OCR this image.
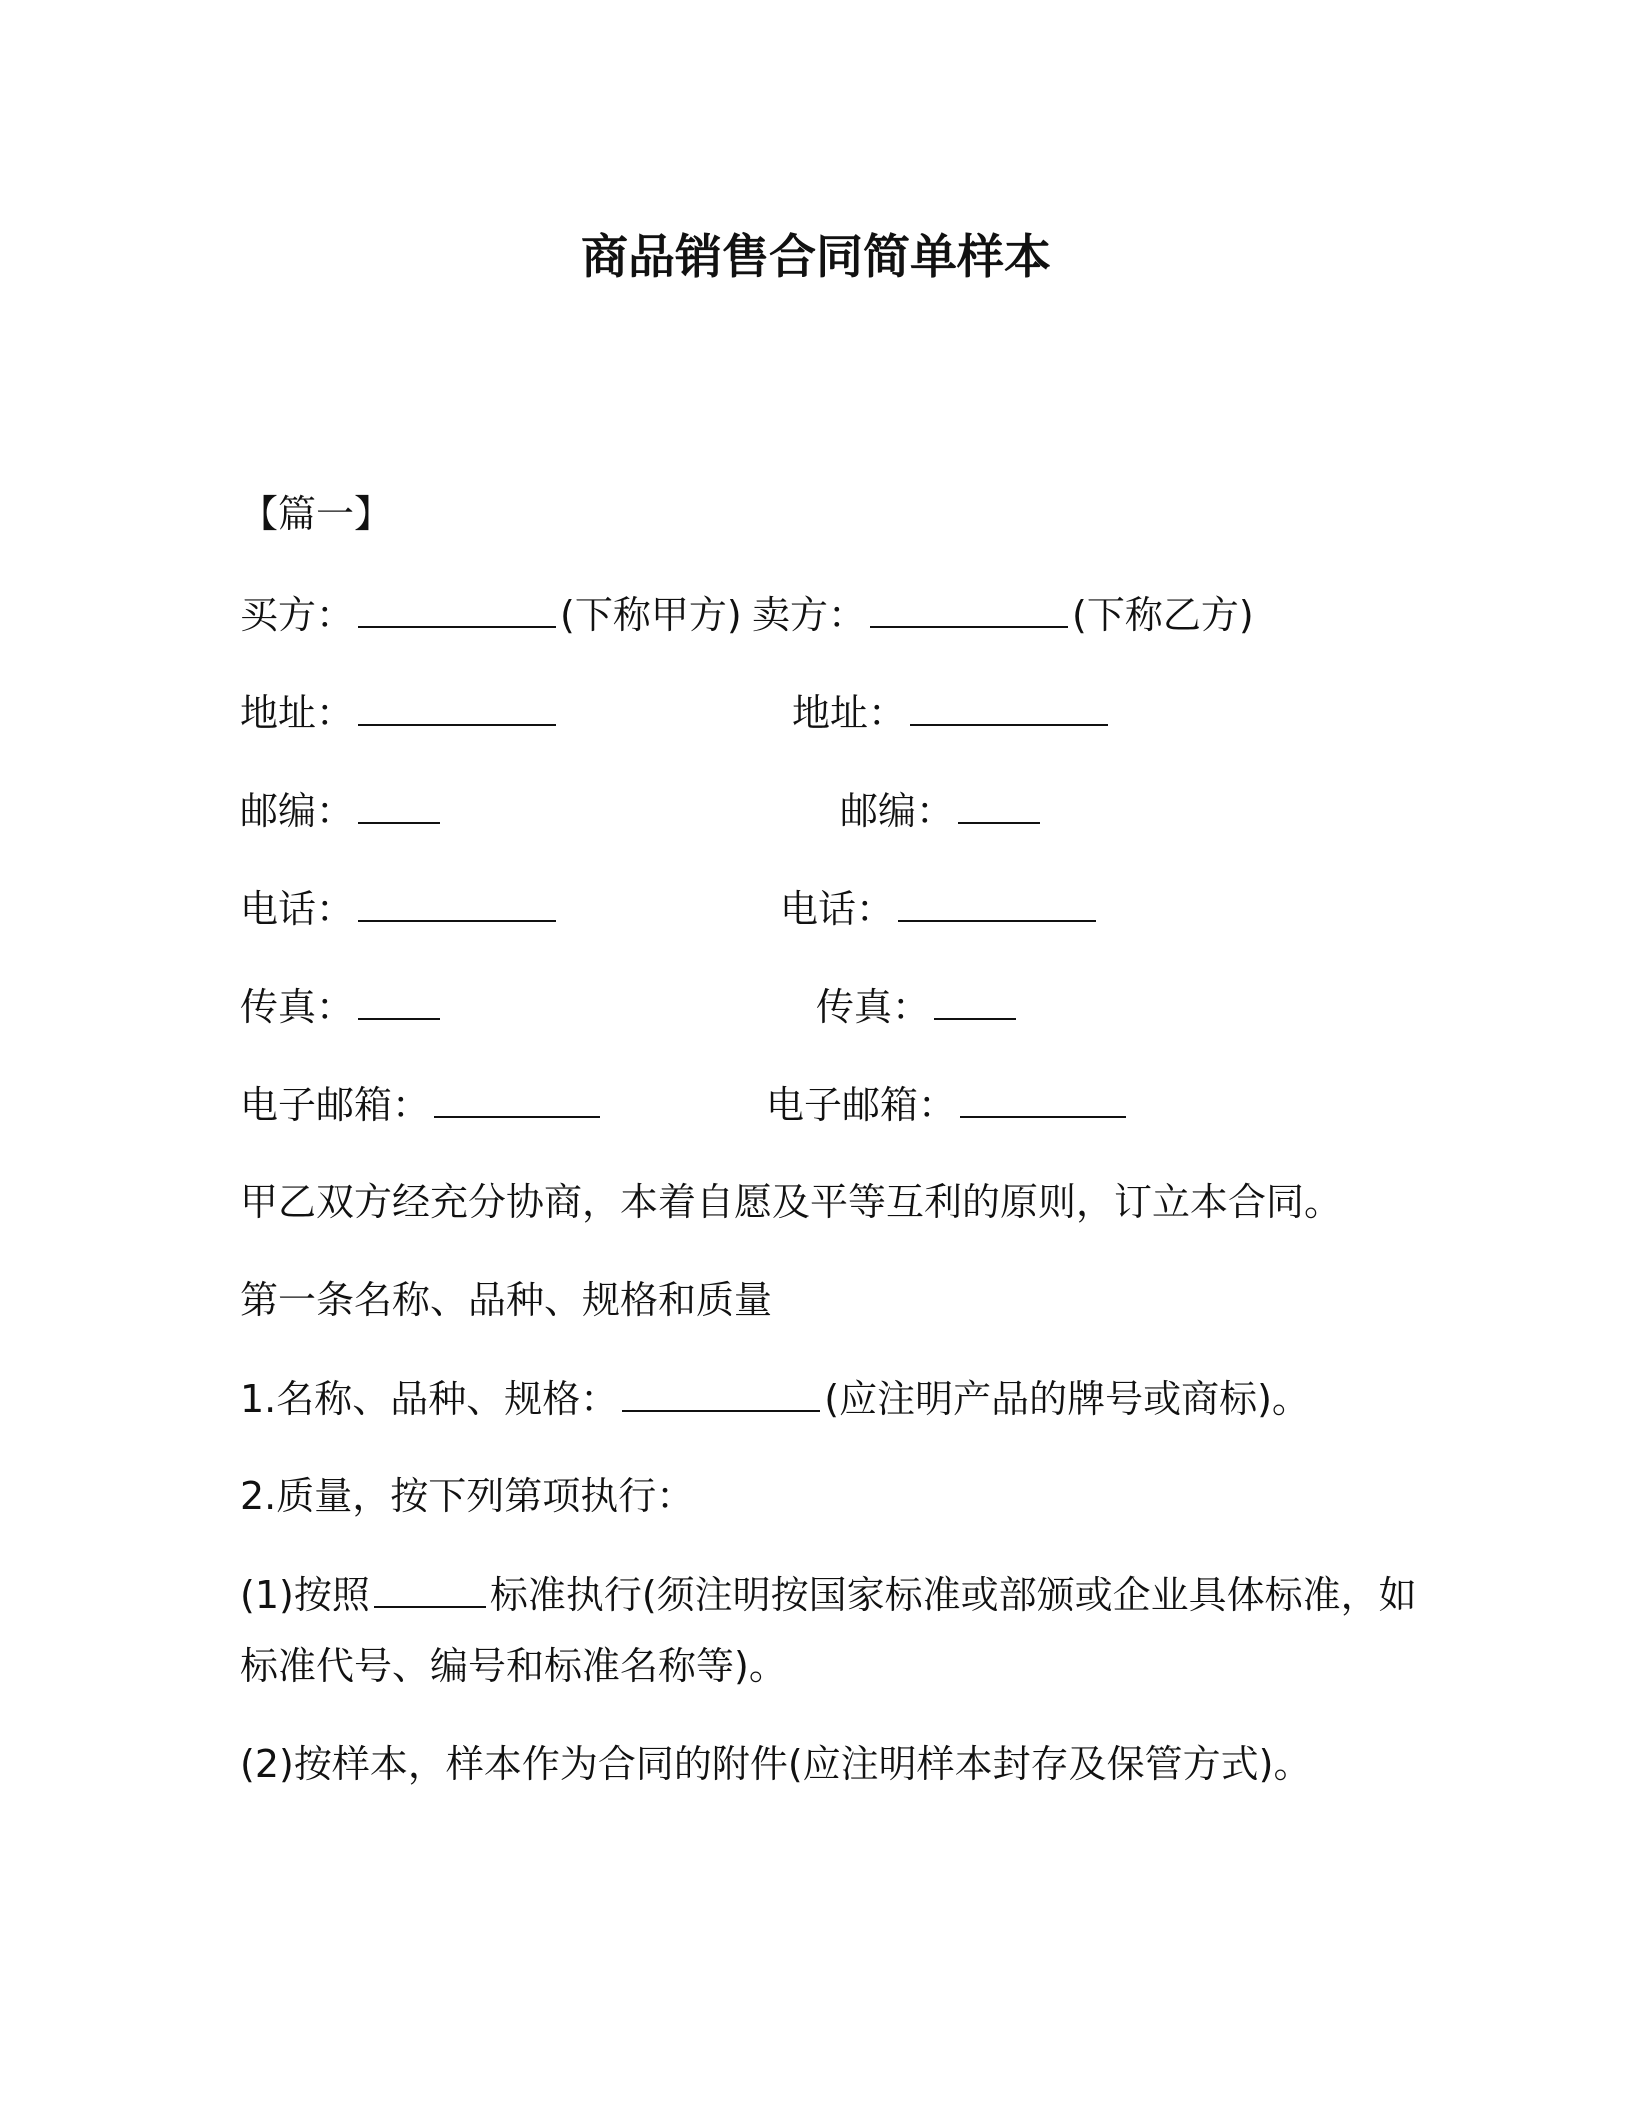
商品销售合同简单样本
【篇一】
买方：	(下称甲方) 卖方：	(下称乙方)
地址：	地址：
邮编：	邮编：
电话：	电话：
传真：	传真：
电子邮箱：	电子邮箱：
甲乙双方经充分协商，本着自愿及平等互利的原则，订立本合同。
第一条名称、品种、规格和质量
1.名称、品种、规格：	(应注明产品的牌号或商标)。
2.质量，按下列第项执行：
(1)按照	标准执行(须注明按国家标准或部颁或企业具体标准，如
标准代号、编号和标准名称等)。
(2)按样本，样本作为合同的附件(应注明样本封存及保管方式)。
